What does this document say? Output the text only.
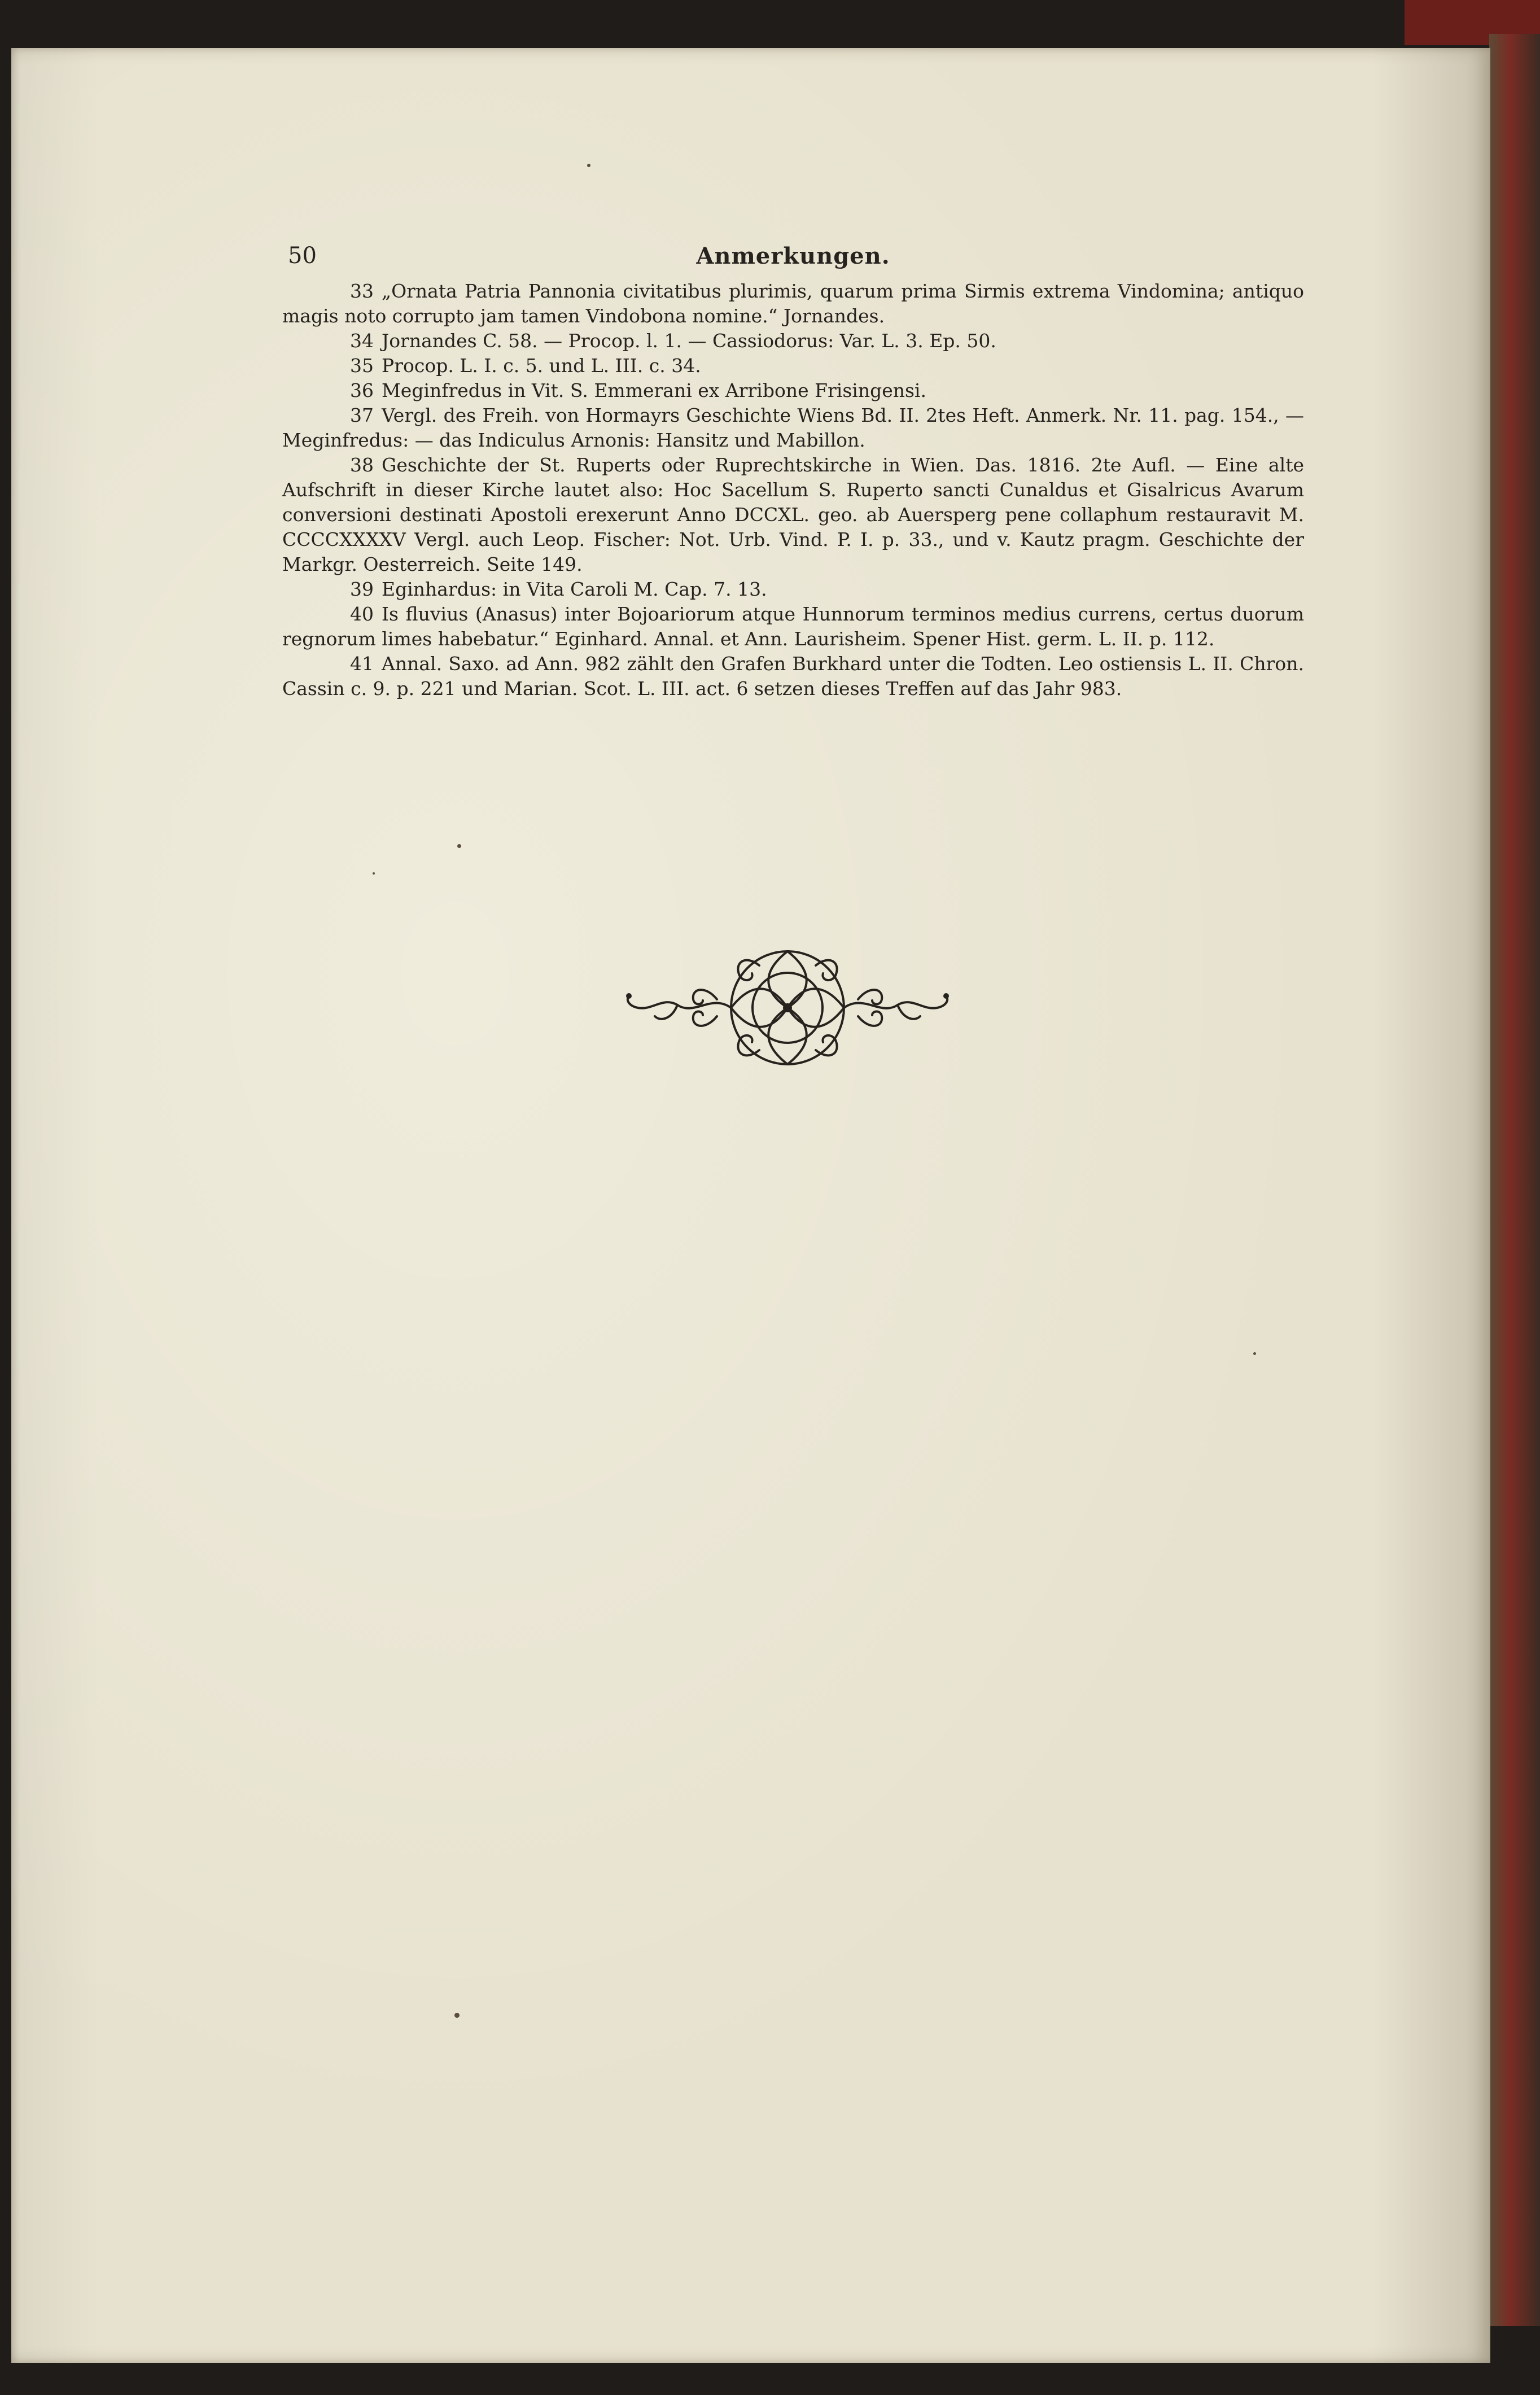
50	Anmerkungen.

33 „Ornata Patria Pannonia civitatibus plurimis, quarum prima Sirmis extrema Vindomina; antiquo magis noto corrupto jam tamen Vindobona nomine.“ Jornandes.

34 Jornandes C. 58. — Procop. l. 1. — Cassiodorus: Var. L. 3. Ep. 50.

35 Procop. L. I. c. 5. und L. III. c. 34.

36 Meginfredus in Vit. S. Emmerani ex Arribone Frisingensi.

37 Vergl. des Freih. von Hormayrs Geschichte Wiens Bd. II. 2tes Heft. Anmerk. Nr. 11. pag. 154., — Meginfredus: — das Indiculus Arnonis: Hansitz und Mabillon.

38 Geschichte der St. Ruperts oder Ruprechtskirche in Wien. Das. 1816. 2te Aufl. — Eine alte Aufschrift in dieser Kirche lautet also: Hoc Sacellum S. Ruperto sancti Cunaldus et Gisalricus Avarum conversioni destinati Apostoli erexerunt Anno DCCXL. geo. ab Auersperg pene collaphum restauravit M. CCCCXXXXV Vergl. auch Leop. Fischer: Not. Urb. Vind. P. I. p. 33., und v. Kautz pragm. Geschichte der Markgr. Oesterreich. Seite 149.

39 Eginhardus: in Vita Caroli M. Cap. 7. 13.

40 Is fluvius (Anasus) inter Bojoariorum atque Hunnorum terminos medius currens, certus duorum regnorum limes habebatur.“ Eginhard. Annal. et Ann. Laurisheim. Spener Hist. germ. L. II. p. 112.

41 Annal. Saxo. ad Ann. 982 zählt den Grafen Burkhard unter die Todten. Leo ostiensis L. II. Chron. Cassin c. 9. p. 221 und Marian. Scot. L. III. act. 6 setzen dieses Treffen auf das Jahr 983.
